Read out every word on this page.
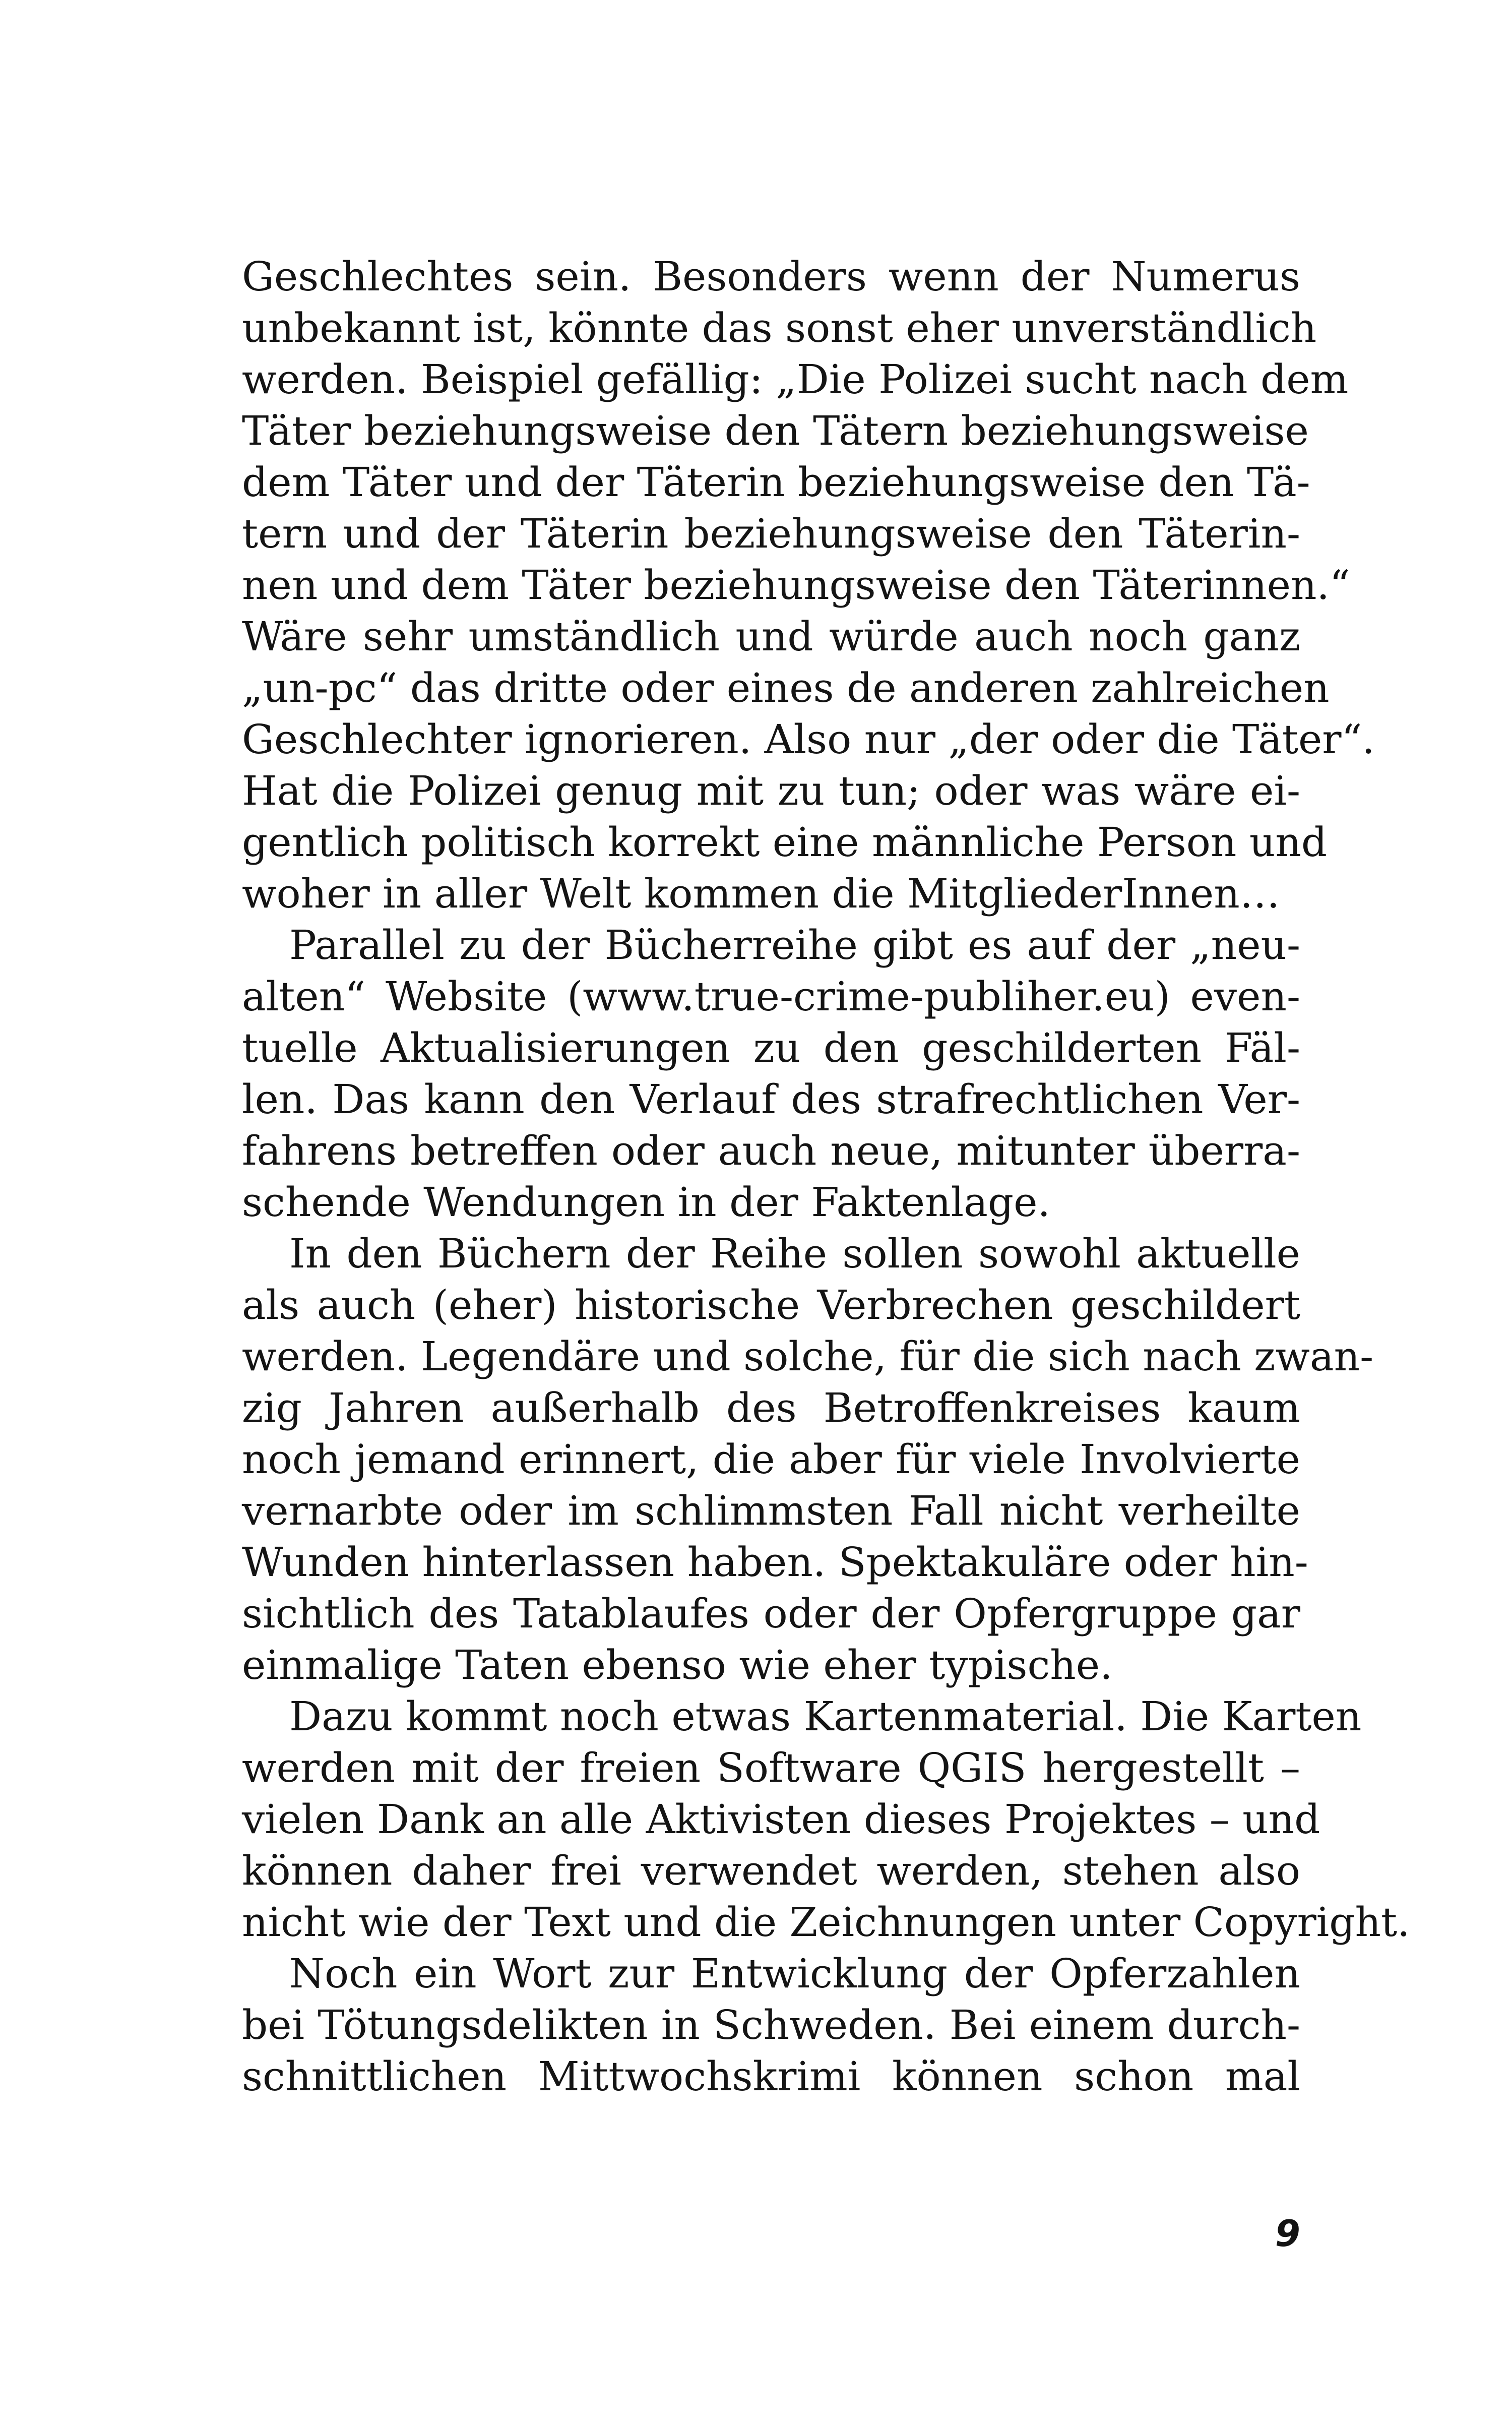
Geschlechtes sein. Besonders wenn der Numerus
unbekannt ist, könnte das sonst eher unverständlich
werden. Beispiel gefällig: „Die Polizei sucht nach dem
Täter beziehungsweise den Tätern beziehungsweise
dem Täter und der Täterin beziehungsweise den Tä-
tern und der Täterin beziehungsweise den Täterin-
nen und dem Täter beziehungsweise den Täterinnen.“
Wäre sehr umständlich und würde auch noch ganz
„un-pc“ das dritte oder eines de anderen zahlreichen
Geschlechter ignorieren. Also nur „der oder die Täter“.
Hat die Polizei genug mit zu tun; oder was wäre ei-
gentlich politisch korrekt eine männliche Person und
woher in aller Welt kommen die MitgliederInnen…
Parallel zu der Bücherreihe gibt es auf der „neu-
alten“ Website (www.true-crime-publiher.eu) even-
tuelle Aktualisierungen zu den geschilderten Fäl-
len. Das kann den Verlauf des strafrechtlichen Ver-
fahrens betreffen oder auch neue, mitunter überra-
schende Wendungen in der Faktenlage.
In den Büchern der Reihe sollen sowohl aktuelle
als auch (eher) historische Verbrechen geschildert
werden. Legendäre und solche, für die sich nach zwan-
zig Jahren außerhalb des Betroffenkreises kaum
noch jemand erinnert, die aber für viele Involvierte
vernarbte oder im schlimmsten Fall nicht verheilte
Wunden hinterlassen haben. Spektakuläre oder hin-
sichtlich des Tatablaufes oder der Opfergruppe gar
einmalige Taten ebenso wie eher typische.
Dazu kommt noch etwas Kartenmaterial. Die Karten
werden mit der freien Software QGIS hergestellt –
vielen Dank an alle Aktivisten dieses Projektes – und
können daher frei verwendet werden, stehen also
nicht wie der Text und die Zeichnungen unter Copyright.
Noch ein Wort zur Entwicklung der Opferzahlen
bei Tötungsdelikten in Schweden. Bei einem durch-
schnittlichen Mittwochskrimi können schon mal
9
